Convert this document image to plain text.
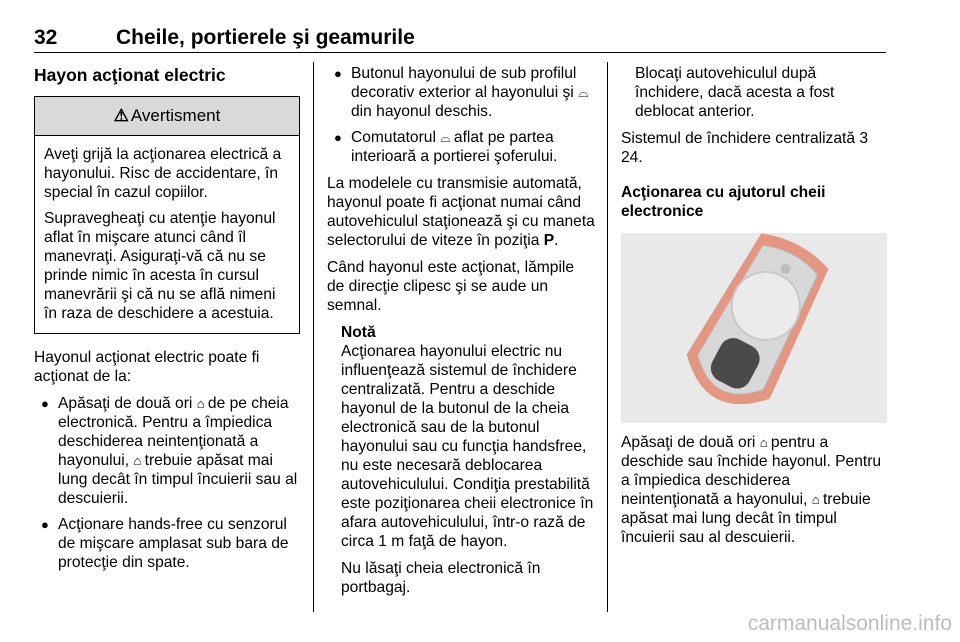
32	Cheile, portierele şi geamurile
Hayon acţionat electric
⚠ Avertisment

Aveţi grijă la acţionarea electrică a hayonului. Risc de accidentare, în special în cazul copiilor.

Supravegheaţi cu atenţie hayonul aflat în mişcare atunci când îl manevraţi. Asiguraţi-vă că nu se prinde nimic în acesta în cursul manevrării şi că nu se află nimeni în raza de deschidere a acestuia.

Hayonul acţionat electric poate fi acţionat de la:

● Apăsaţi de două ori ⌂ de pe cheia electronică. Pentru a împiedica deschiderea neintenţionată a hayonului, ⌂ trebuie apăsat mai lung decât în timpul încuierii sau al descuierii.
● Acţionare hands-free cu senzorul de mişcare amplasat sub bara de protecţie din spate.
● Butonul hayonului de sub profilul decorativ exterior al hayonului şi ⌓ din hayonul deschis.
● Comutatorul ⌓ aflat pe partea interioară a portierei şoferului.

La modelele cu transmisie automată, hayonul poate fi acţionat numai când autovehiculul staţionează şi cu maneta selectorului de viteze în poziţia P.

Când hayonul este acţionat, lămpile de direcţie clipesc şi se aude un semnal.

Notă

Acţionarea hayonului electric nu influenţează sistemul de închidere centralizată. Pentru a deschide hayonul de la butonul de la cheia electronică sau de la butonul hayonului sau cu funcţia handsfree, nu este necesară deblocarea autovehiculului. Condiţia prestabilită este poziţionarea cheii electronice în afara autovehiculului, într-o rază de circa 1 m faţă de hayon.

Nu lăsaţi cheia electronică în portbagaj.

Blocaţi autovehiculul după închidere, dacă acesta a fost deblocat anterior.

Sistemul de închidere centralizată 3 24.

Acţionarea cu ajutorul cheii electronice

Apăsaţi de două ori ⌂ pentru a deschide sau închide hayonul. Pentru a împiedica deschiderea neintenţionată a hayonului, ⌂ trebuie apăsat mai lung decât în timpul încuierii sau al descuierii.

carmanualsonline.info
